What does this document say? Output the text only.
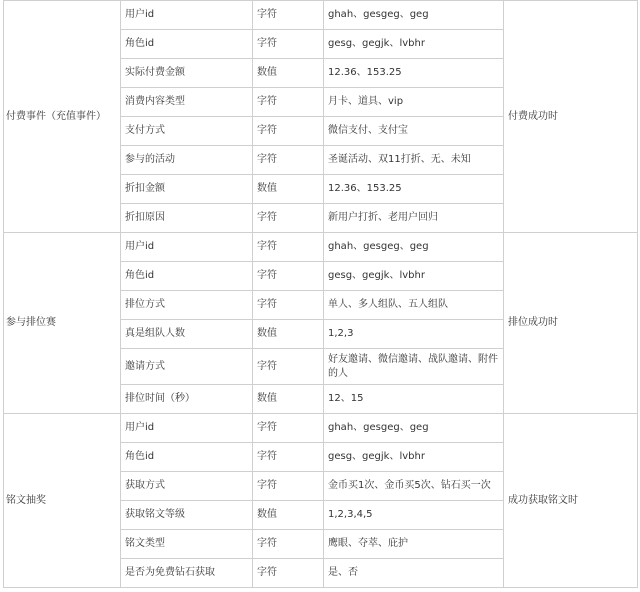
付费事件（充值事件）	用户id	字符	ghah、gesgeg、geg	付费成功时
	角色id	字符	gesg、gegjk、lvbhr	
	实际付费金额	数值	12.36、153.25	
	消费内容类型	字符	月卡、道具、vip	
	支付方式	字符	微信支付、支付宝	
	参与的活动	字符	圣诞活动、双11打折、无、未知	
	折扣金额	数值	12.36、153.25	
	折扣原因	字符	新用户打折、老用户回归	
参与排位赛	用户id	字符	ghah、gesgeg、geg	排位成功时
	角色id	字符	gesg、gegjk、lvbhr	
	排位方式	字符	单人、多人组队、五人组队	
	真是组队人数	数值	1,2,3	
	邀请方式	字符	好友邀请、微信邀请、战队邀请、附件的人	
	排位时间（秒）	数值	12、15	
铭文抽奖	用户id	字符	ghah、gesgeg、geg	成功获取铭文时
	角色id	字符	gesg、gegjk、lvbhr	
	获取方式	字符	金币买1次、金币买5次、钻石买一次	
	获取铭文等级	数值	1,2,3,4,5	
	铭文类型	字符	鹰眼、夺萃、庇护	
	是否为免费钻石获取	字符	是、否	
